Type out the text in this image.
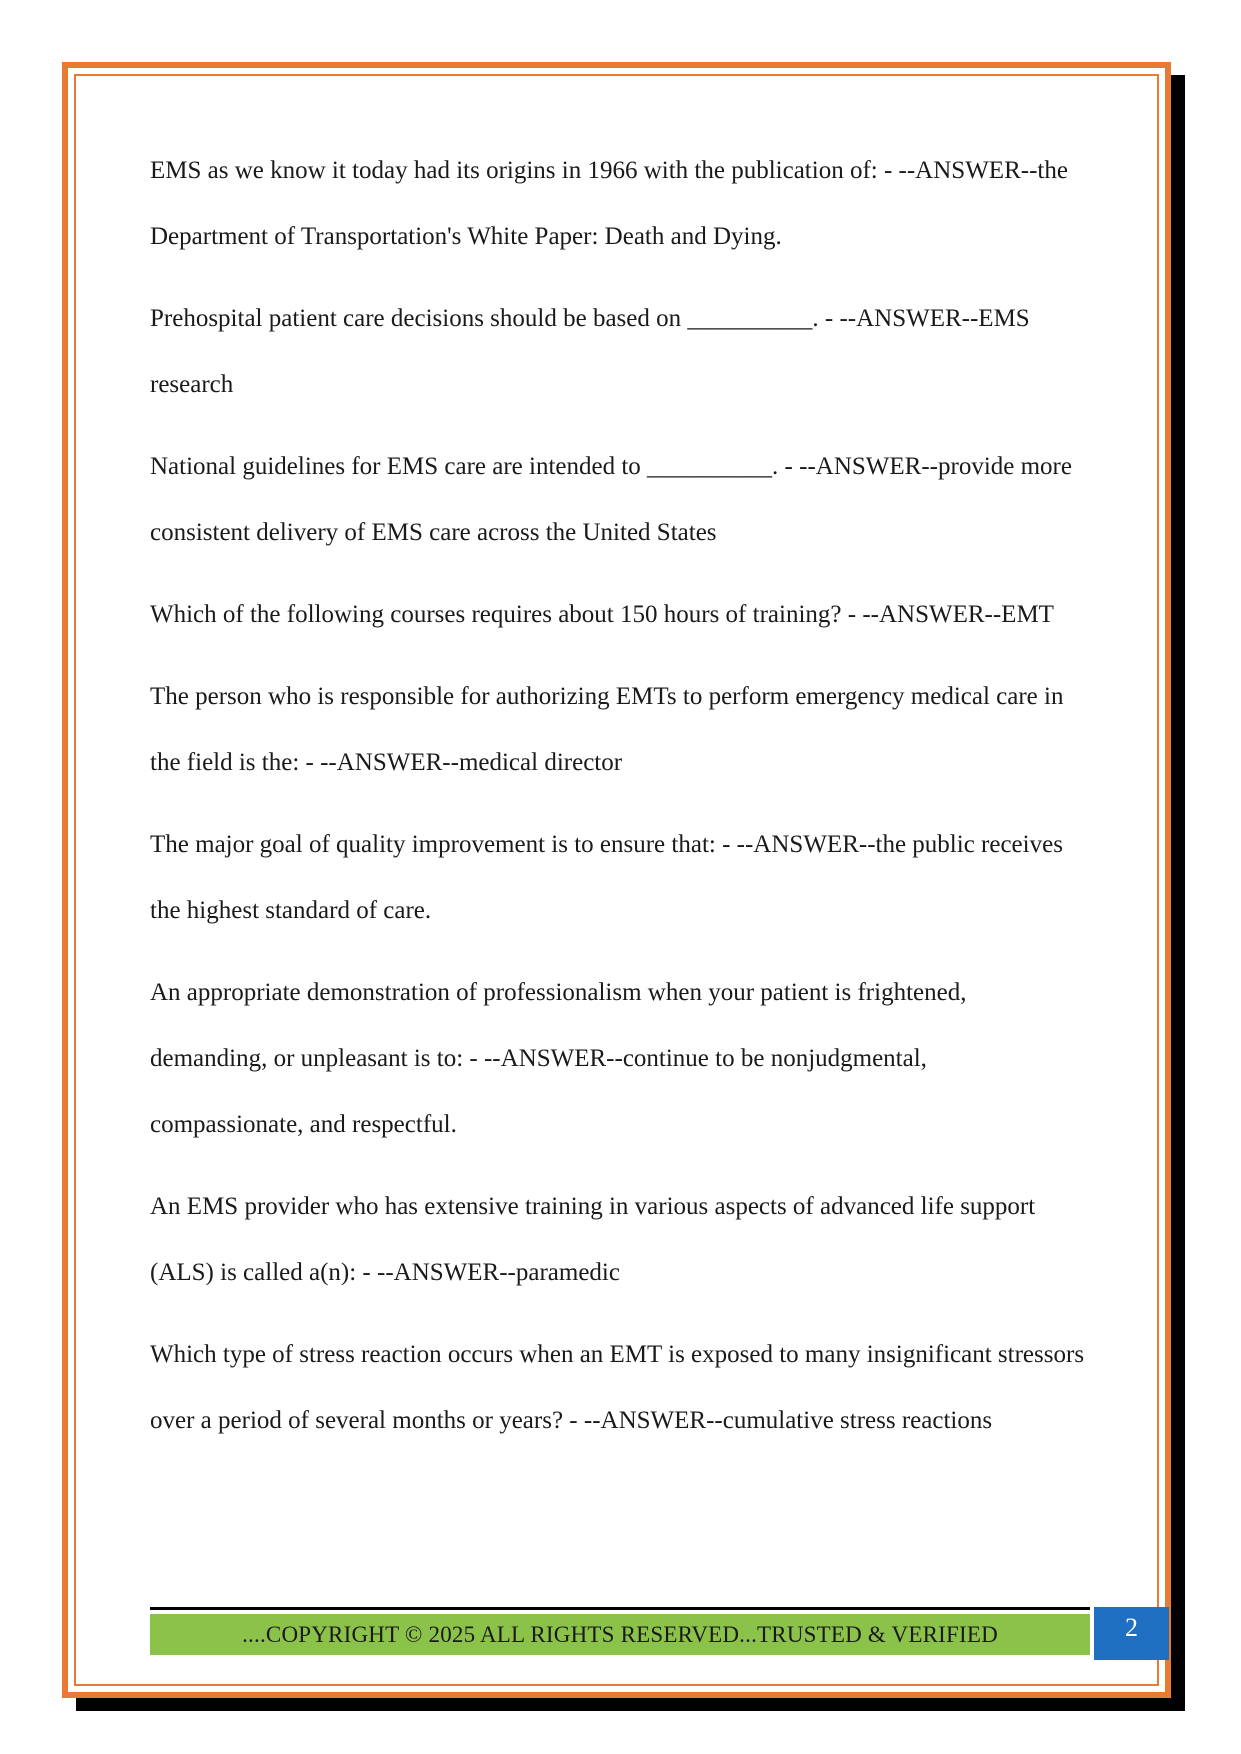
EMS as we know it today had its origins in 1966 with the publication of: - --ANSWER--the Department of Transportation's White Paper: Death and Dying.

Prehospital patient care decisions should be based on __________. - --ANSWER--EMS research

National guidelines for EMS care are intended to __________. - --ANSWER--provide more consistent delivery of EMS care across the United States

Which of the following courses requires about 150 hours of training? - --ANSWER--EMT

The person who is responsible for authorizing EMTs to perform emergency medical care in the field is the: - --ANSWER--medical director

The major goal of quality improvement is to ensure that: - --ANSWER--the public receives the highest standard of care.

An appropriate demonstration of professionalism when your patient is frightened, demanding, or unpleasant is to: - --ANSWER--continue to be nonjudgmental, compassionate, and respectful.

An EMS provider who has extensive training in various aspects of advanced life support (ALS) is called a(n): - --ANSWER--paramedic

Which type of stress reaction occurs when an EMT is exposed to many insignificant stressors over a period of several months or years? - --ANSWER--cumulative stress reactions

....COPYRIGHT © 2025 ALL RIGHTS RESERVED...TRUSTED & VERIFIED	2
